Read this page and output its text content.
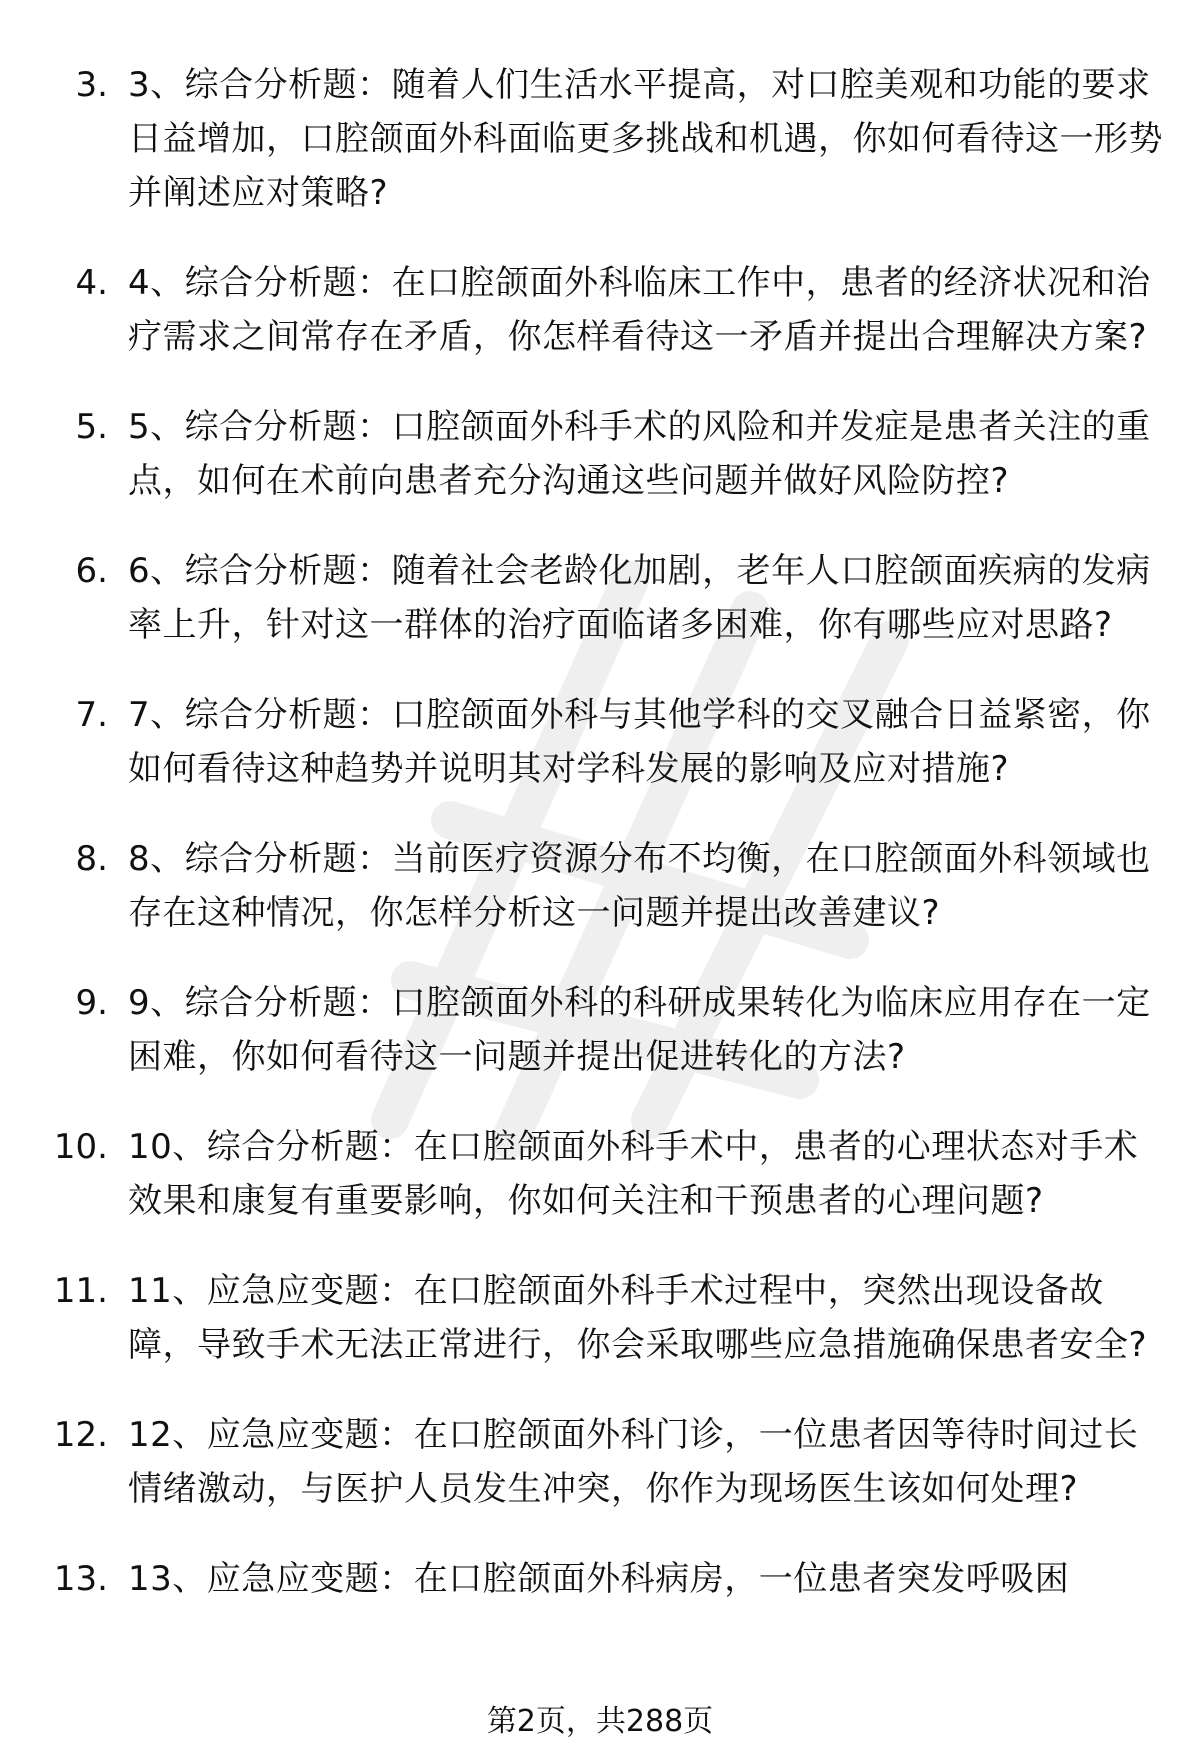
3. 3、综合分析题：随着人们生活水平提高，对口腔美观和功能的要求日益增加，口腔颌面外科面临更多挑战和机遇，你如何看待这一形势并阐述应对策略?
4. 4、综合分析题：在口腔颌面外科临床工作中，患者的经济状况和治疗需求之间常存在矛盾，你怎样看待这一矛盾并提出合理解决方案?
5. 5、综合分析题：口腔颌面外科手术的风险和并发症是患者关注的重点，如何在术前向患者充分沟通这些问题并做好风险防控?
6. 6、综合分析题：随着社会老龄化加剧，老年人口腔颌面疾病的发病率上升，针对这一群体的治疗面临诸多困难，你有哪些应对思路?
7. 7、综合分析题：口腔颌面外科与其他学科的交叉融合日益紧密，你如何看待这种趋势并说明其对学科发展的影响及应对措施?
8. 8、综合分析题：当前医疗资源分布不均衡，在口腔颌面外科领域也存在这种情况，你怎样分析这一问题并提出改善建议?
9. 9、综合分析题：口腔颌面外科的科研成果转化为临床应用存在一定困难，你如何看待这一问题并提出促进转化的方法?
10. 10、综合分析题：在口腔颌面外科手术中，患者的心理状态对手术效果和康复有重要影响，你如何关注和干预患者的心理问题?
11. 11、应急应变题：在口腔颌面外科手术过程中，突然出现设备故障，导致手术无法正常进行，你会采取哪些应急措施确保患者安全?
12. 12、应急应变题：在口腔颌面外科门诊，一位患者因等待时间过长情绪激动，与医护人员发生冲突，你作为现场医生该如何处理?
13. 13、应急应变题：在口腔颌面外科病房，一位患者突发呼吸困
第2页，共288页
